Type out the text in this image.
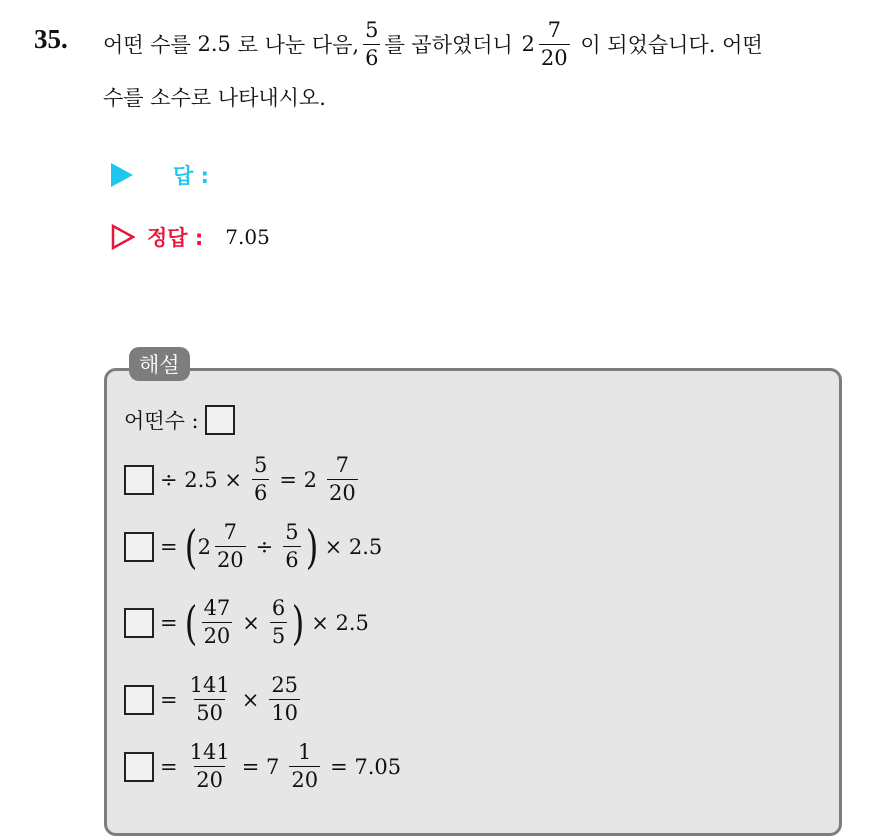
35. 어떤 수를
2.5
로 나눈 다음, $\frac{5}{6}$ 를 곱하였더니
$2 \frac{7}{20}$
이 되었습니다. 어떤
수를 소수로 나타내시오.
답 :
정답 : 7.05
해설
어떤수 :

÷ $2.5 \times \frac{5}{6} = 2 \frac{7}{20}$
= ( $2 \frac{7}{20} \div \frac{5}{6}$ ) × 2.5
= ( $\frac{47}{20} \times \frac{6}{5}$ ) × 2.5
= $\frac{141}{50} \times \frac{25}{10}$
= $\frac{141}{20} = 7 \frac{1}{20} = 7.05$
